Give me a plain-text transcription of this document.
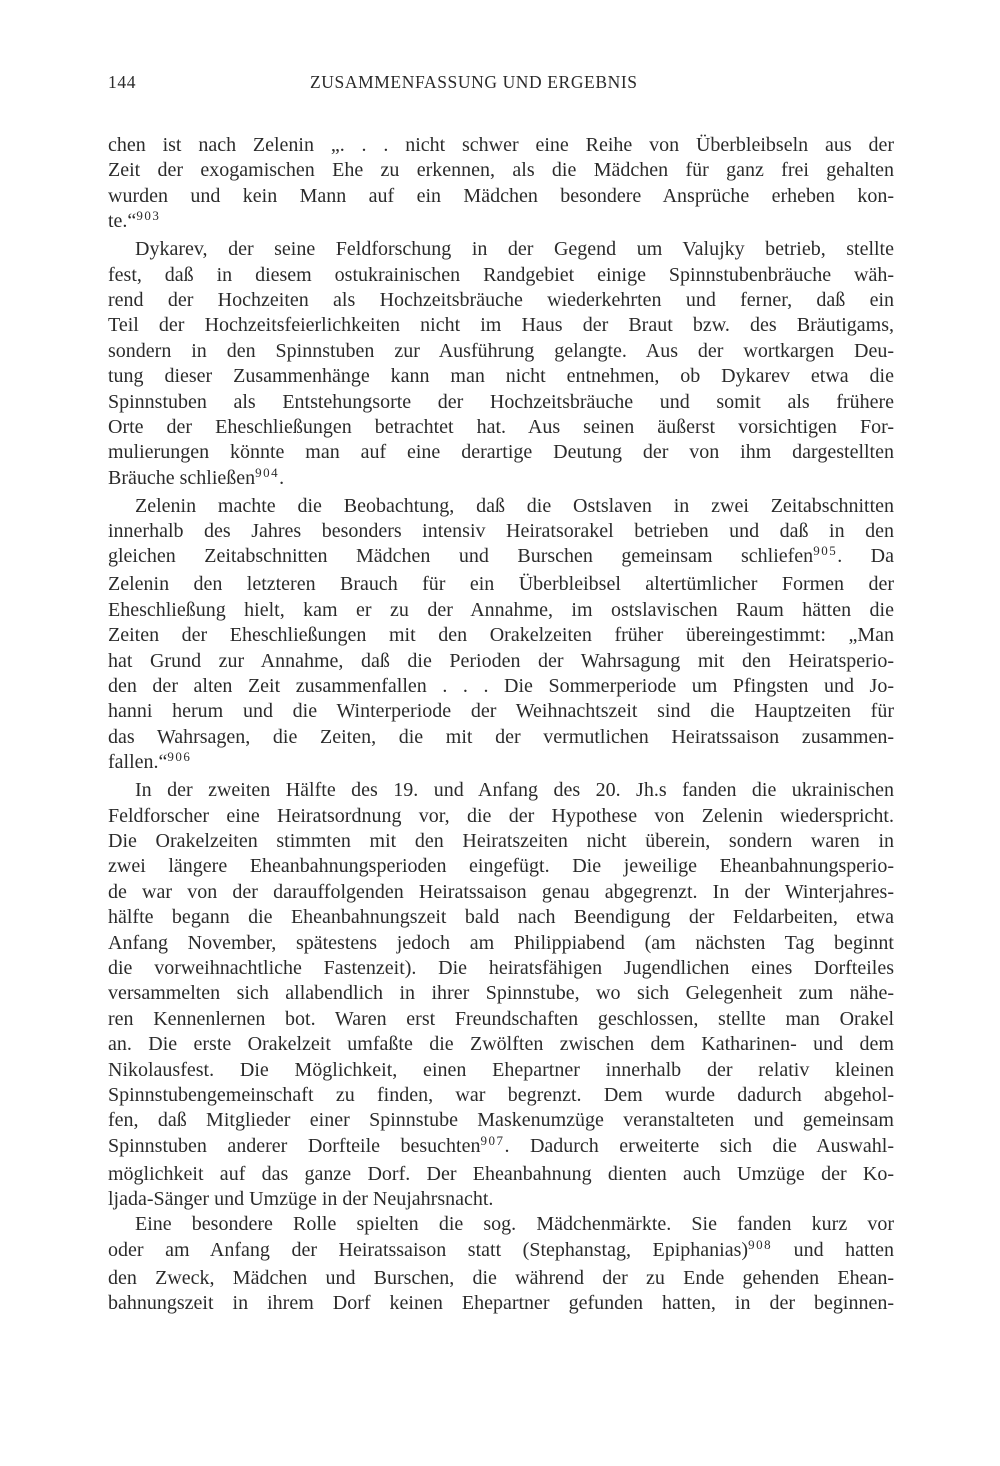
144	ZUSAMMENFASSUNG UND ERGEBNIS
chen ist nach Zelenin „. . . nicht schwer eine Reihe von Überbleibseln aus der
Zeit der exogamischen Ehe zu erkennen, als die Mädchen für ganz frei gehalten
wurden und kein Mann auf ein Mädchen besondere Ansprüche erheben kon-
te.“$^{903}$
Dykarev, der seine Feldforschung in der Gegend um Valujky betrieb, stellte
fest, daß in diesem ostukrainischen Randgebiet einige Spinnstubenbräuche wäh-
rend der Hochzeiten als Hochzeitsbräuche wiederkehrten und ferner, daß ein
Teil der Hochzeitsfeierlichkeiten nicht im Haus der Braut bzw. des Bräutigams,
sondern in den Spinnstuben zur Ausführung gelangte. Aus der wortkargen Deu-
tung dieser Zusammenhänge kann man nicht entnehmen, ob Dykarev etwa die
Spinnstuben als Entstehungsorte der Hochzeitsbräuche und somit als frühere
Orte der Eheschließungen betrachtet hat. Aus seinen äußerst vorsichtigen For-
mulierungen könnte man auf eine derartige Deutung der von ihm dargestellten
Bräuche schließen$^{904}$.
Zelenin machte die Beobachtung, daß die Ostslaven in zwei Zeitabschnitten
innerhalb des Jahres besonders intensiv Heiratsorakel betrieben und daß in den
gleichen Zeitabschnitten Mädchen und Burschen gemeinsam schliefen$^{905}$. Da
Zelenin den letzteren Brauch für ein Überbleibsel altertümlicher Formen der
Eheschließung hielt, kam er zu der Annahme, im ostslavischen Raum hätten die
Zeiten der Eheschließungen mit den Orakelzeiten früher übereingestimmt: „Man
hat Grund zur Annahme, daß die Perioden der Wahrsagung mit den Heiratsperio-
den der alten Zeit zusammenfallen . . . Die Sommerperiode um Pfingsten und Jo-
hanni herum und die Winterperiode der Weihnachtszeit sind die Hauptzeiten für
das Wahrsagen, die Zeiten, die mit der vermutlichen Heiratssaison zusammen-
fallen.“$^{906}$
In der zweiten Hälfte des 19. und Anfang des 20. Jh.s fanden die ukrainischen
Feldforscher eine Heiratsordnung vor, die der Hypothese von Zelenin wiederspricht.
Die Orakelzeiten stimmten mit den Heiratszeiten nicht überein, sondern waren in
zwei längere Eheanbahnungsperioden eingefügt. Die jeweilige Eheanbahnungsperio-
de war von der darauffolgenden Heiratssaison genau abgegrenzt. In der Winterjahres-
hälfte begann die Eheanbahnungszeit bald nach Beendigung der Feldarbeiten, etwa
Anfang November, spätestens jedoch am Philippiabend (am nächsten Tag beginnt
die vorweihnachtliche Fastenzeit). Die heiratsfähigen Jugendlichen eines Dorfteiles
versammelten sich allabendlich in ihrer Spinnstube, wo sich Gelegenheit zum nähe-
ren Kennenlernen bot. Waren erst Freundschaften geschlossen, stellte man Orakel
an. Die erste Orakelzeit umfaßte die Zwölften zwischen dem Katharinen- und dem
Nikolausfest. Die Möglichkeit, einen Ehepartner innerhalb der relativ kleinen
Spinnstubengemeinschaft zu finden, war begrenzt. Dem wurde dadurch abgehol-
fen, daß Mitglieder einer Spinnstube Maskenumzüge veranstalteten und gemeinsam
Spinnstuben anderer Dorfteile besuchten$^{907}$. Dadurch erweiterte sich die Auswahl-
möglichkeit auf das ganze Dorf. Der Eheanbahnung dienten auch Umzüge der Ko-
ljada-Sänger und Umzüge in der Neujahrsnacht.
Eine besondere Rolle spielten die sog. Mädchenmärkte. Sie fanden kurz vor
oder am Anfang der Heiratssaison statt (Stephanstag, Epiphanias)$^{908}$ und hatten
den Zweck, Mädchen und Burschen, die während der zu Ende gehenden Ehean-
bahnungszeit in ihrem Dorf keinen Ehepartner gefunden hatten, in der beginnen-
